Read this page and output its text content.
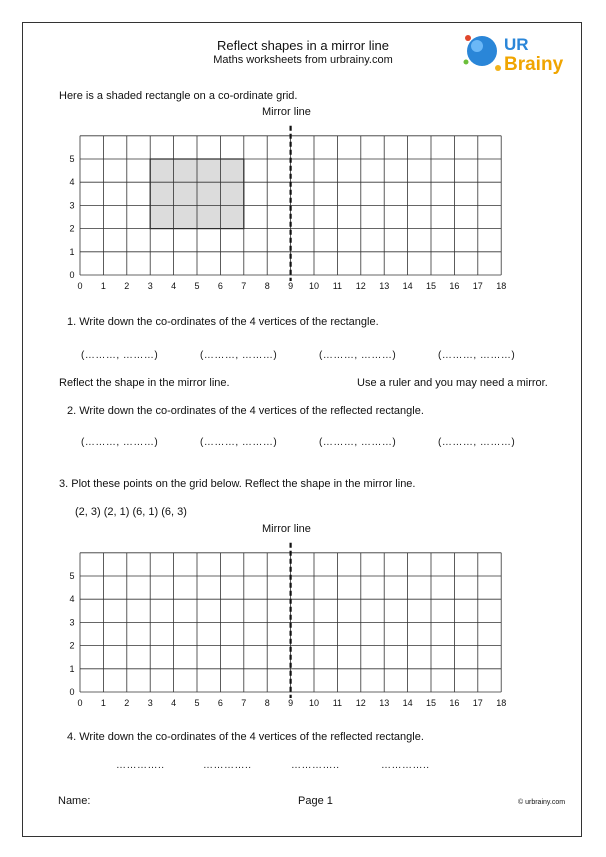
Reflect shapes in a mirror line
Maths worksheets from urbrainy.com
UR
Brainy
Here is a shaded rectangle on a co-ordinate grid.
Mirror line
0 1 2 3 4 5 6 7 8 9 10 11 12 13 14 15 16 17 18
0
1
2
3
4
5
1. Write down the co-ordinates of the 4 vertices of the rectangle.
(………, ………)	(………, ………)	(………, ………)	(………, ………)
Reflect the shape in the mirror line.	Use a ruler and you may need a mirror.
2. Write down the co-ordinates of the 4 vertices of the reflected rectangle.
(………, ………)	(………, ………)	(………, ………)	(………, ………)
3. Plot these points on the grid below. Reflect the shape in the mirror line.
(2, 3) (2, 1) (6, 1) (6, 3)
Mirror line
0 1 2 3 4 5 6 7 8 9 10 11 12 13 14 15 16 17 18
0
1
2
3
4
5
4. Write down the co-ordinates of the 4 vertices of the reflected rectangle.
…………..	…………..	…………..	…………..
Name:	Page 1	© urbrainy.com
